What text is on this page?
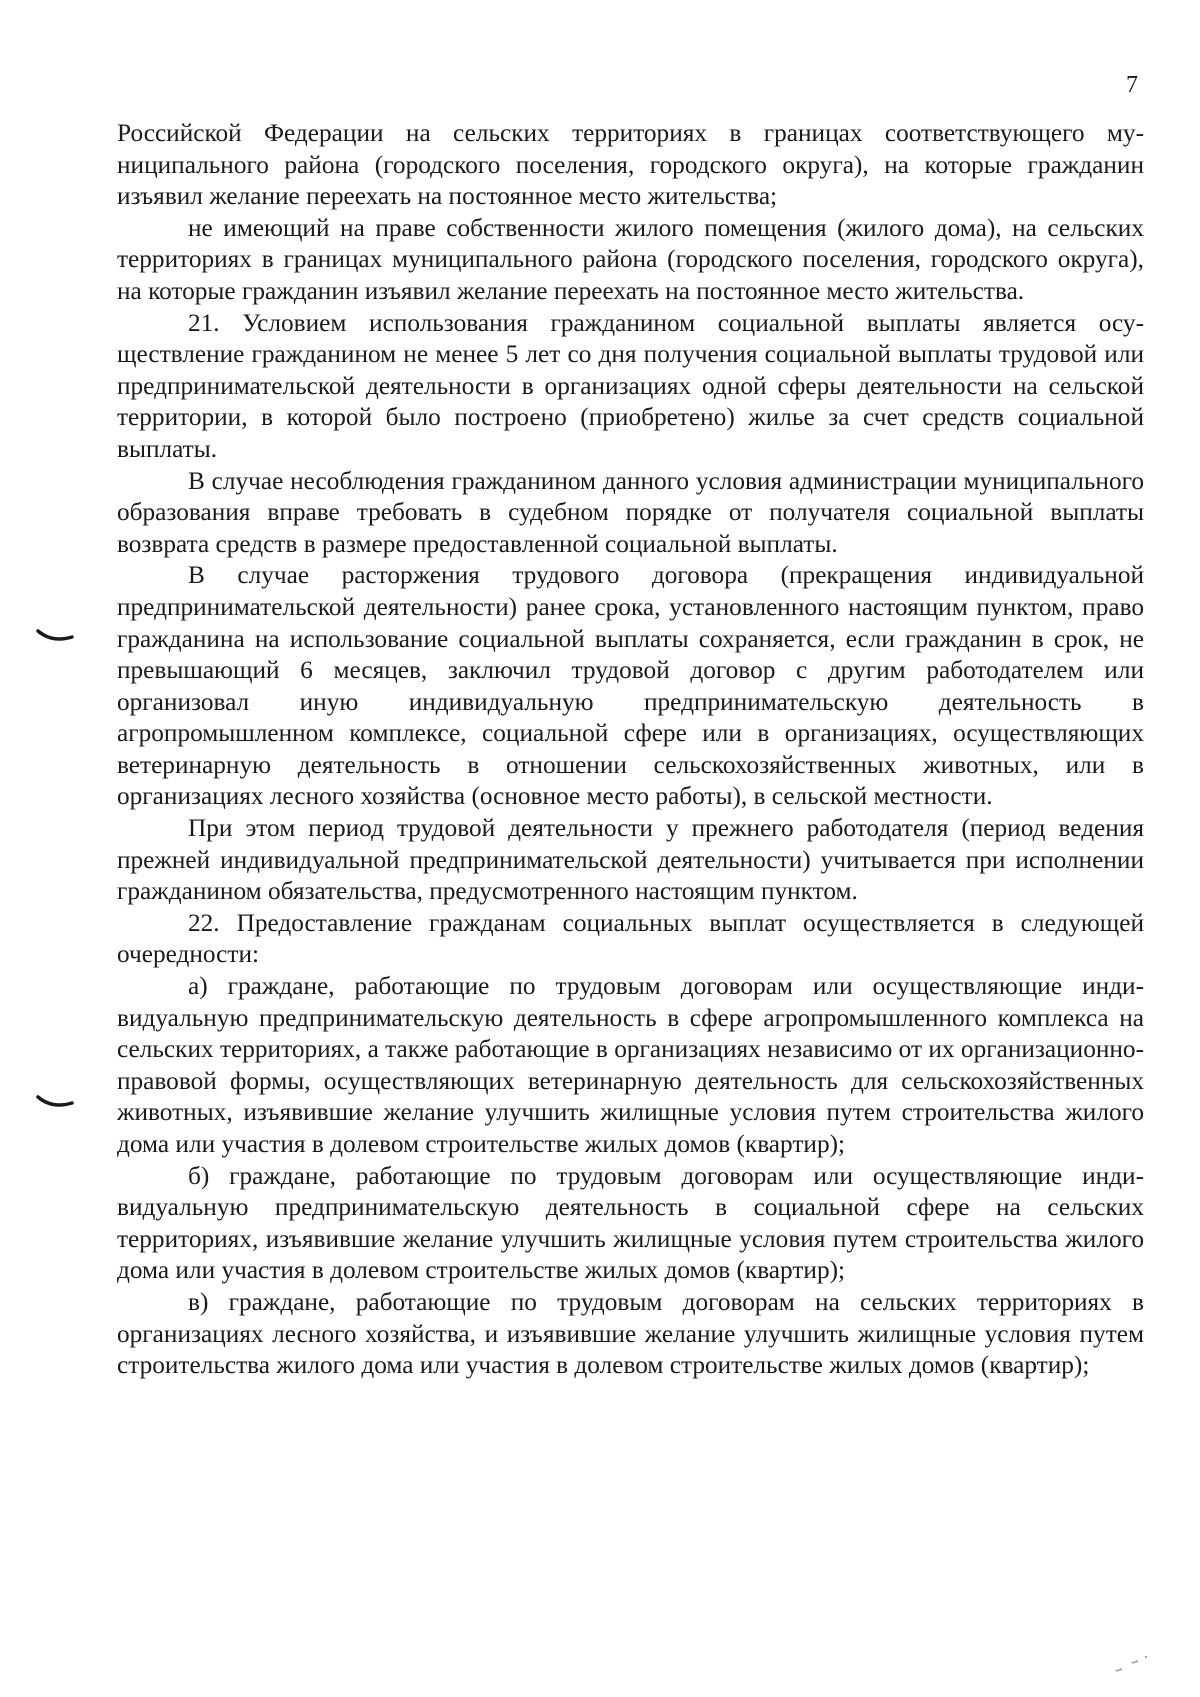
7

Российской Федерации на сельских территориях в границах соответствующего муниципального района (городского поселения, городского округа), на которые гражданин изъявил желание переехать на постоянное место жительства;

не имеющий на праве собственности жилого помещения (жилого дома), на сельских территориях в границах муниципального района (городского поселения, городского округа), на которые гражданин изъявил желание переехать на постоянное место жительства.

21. Условием использования гражданином социальной выплаты является осуществление гражданином не менее 5 лет со дня получения социальной выплаты трудовой или предпринимательской деятельности в организациях одной сферы деятельности на сельской территории, в которой было построено (приобретено) жилье за счет средств социальной выплаты.

В случае несоблюдения гражданином данного условия администрации муниципального образования вправе требовать в судебном порядке от получателя социальной выплаты возврата средств в размере предоставленной социальной выплаты.

В случае расторжения трудового договора (прекращения индивидуальной предпринимательской деятельности) ранее срока, установленного настоящим пунктом, право гражданина на использование социальной выплаты сохраняется, если гражданин в срок, не превышающий 6 месяцев, заключил трудовой договор с другим работодателем или организовал иную индивидуальную предпринимательскую деятельность в агропромышленном комплексе, социальной сфере или в организациях, осуществляющих ветеринарную деятельность в отношении сельскохозяйственных животных, или в организациях лесного хозяйства (основное место работы), в сельской местности.

При этом период трудовой деятельности у прежнего работодателя (период ведения прежней индивидуальной предпринимательской деятельности) учитывается при исполнении гражданином обязательства, предусмотренного настоящим пунктом.

22. Предоставление гражданам социальных выплат осуществляется в следующей очередности:

а) граждане, работающие по трудовым договорам или осуществляющие индивидуальную предпринимательскую деятельность в сфере агропромышленного комплекса на сельских территориях, а также работающие в организациях независимо от их организационно-правовой формы, осуществляющих ветеринарную деятельность для сельскохозяйственных животных, изъявившие желание улучшить жилищные условия путем строительства жилого дома или участия в долевом строительстве жилых домов (квартир);

б) граждане, работающие по трудовым договорам или осуществляющие индивидуальную предпринимательскую деятельность в социальной сфере на сельских территориях, изъявившие желание улучшить жилищные условия путем строительства жилого дома или участия в долевом строительстве жилых домов (квартир);

в) граждане, работающие по трудовым договорам на сельских территориях в организациях лесного хозяйства, и изъявившие желание улучшить жилищные условия путем строительства жилого дома или участия в долевом строительстве жилых домов (квартир);
